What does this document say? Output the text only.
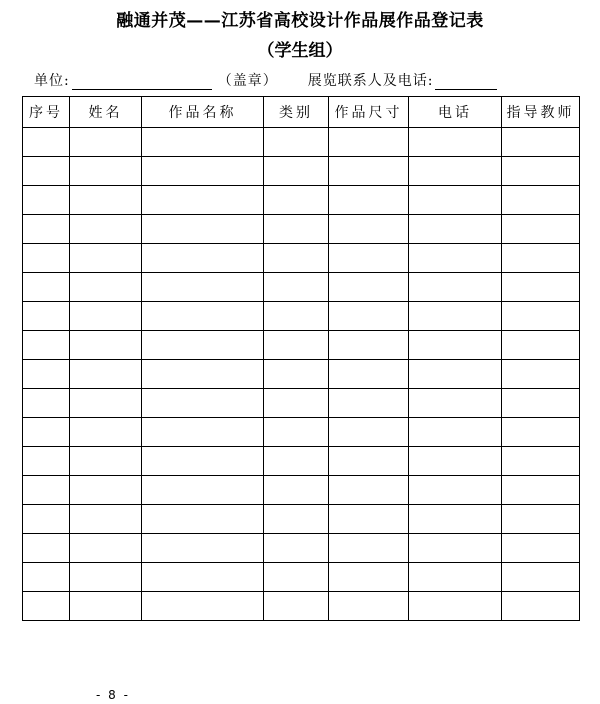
融通并茂——江苏省高校设计作品展作品登记表
（学生组）
单位:	（盖章） 展览联系人及电话:
序号	姓名	作品名称	类别	作品尺寸	电话	指导教师

- 8 -
